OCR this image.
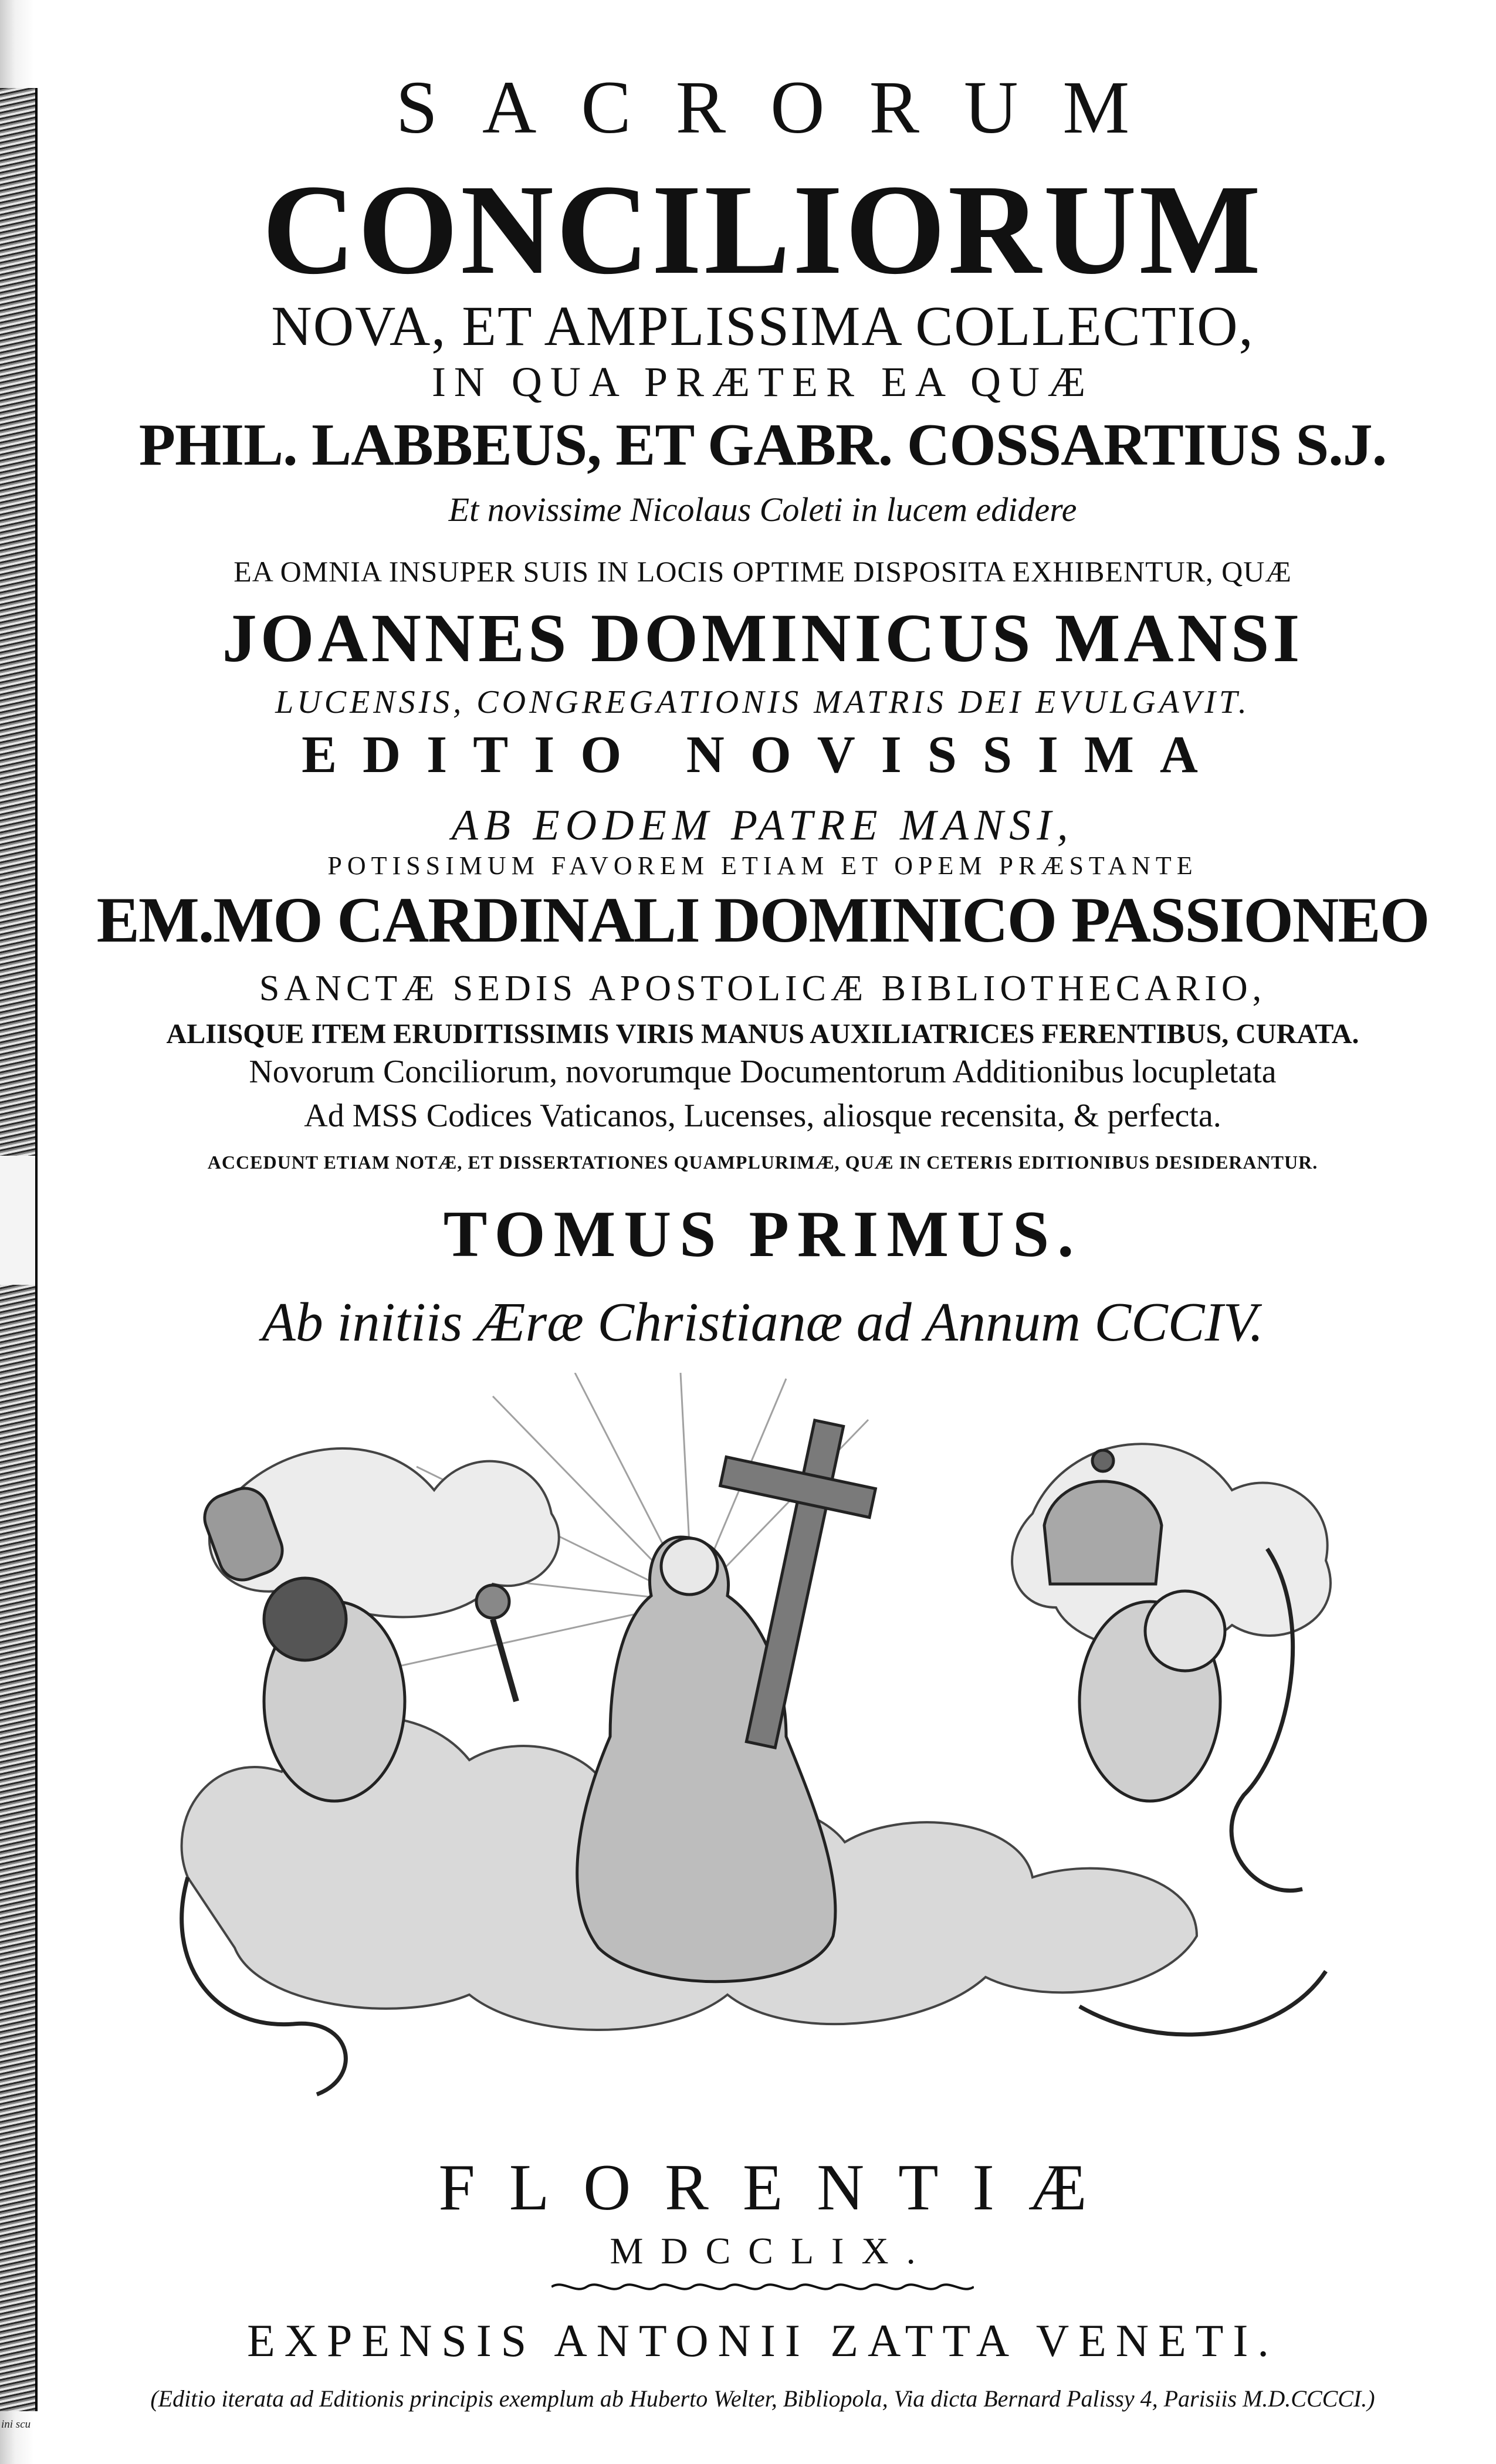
ini scu
SACRORUM
CONCILIORUM
NOVA, ET AMPLISSIMA COLLECTIO,
IN QUA PRÆTER EA QUÆ
PHIL. LABBEUS, ET GABR. COSSARTIUS S.J.
Et novissime Nicolaus Coleti in lucem edidere
EA OMNIA INSUPER SUIS IN LOCIS OPTIME DISPOSITA EXHIBENTUR, QUÆ
JOANNES DOMINICUS MANSI
LUCENSIS, CONGREGATIONIS MATRIS DEI EVULGAVIT.
EDITIO NOVISSIMA
AB EODEM PATRE MANSI,
POTISSIMUM FAVOREM ETIAM ET OPEM PRÆSTANTE
EM.MO CARDINALI DOMINICO PASSIONEO
SANCTÆ SEDIS APOSTOLICÆ BIBLIOTHECARIO,
ALIISQUE ITEM ERUDITISSIMIS VIRIS MANUS AUXILIATRICES FERENTIBUS, CURATA.
Novorum Conciliorum, novorumque Documentorum Additionibus locupletata
Ad MSS Codices Vaticanos, Lucenses, aliosque recensita, & perfecta.
ACCEDUNT ETIAM NOTÆ, ET DISSERTATIONES QUAMPLURIMÆ, QUÆ IN CETERIS EDITIONIBUS DESIDERANTUR.
TOMUS PRIMUS.
Ab initiis Æræ Christianæ ad Annum CCCIV.
FLORENTIÆ
MDCCLIX.
EXPENSIS ANTONII ZATTA VENETI.
(Editio iterata ad Editionis principis exemplum ab Huberto Welter, Bibliopola, Via dicta Bernard Palissy 4, Parisiis M.D.CCCCI.)
